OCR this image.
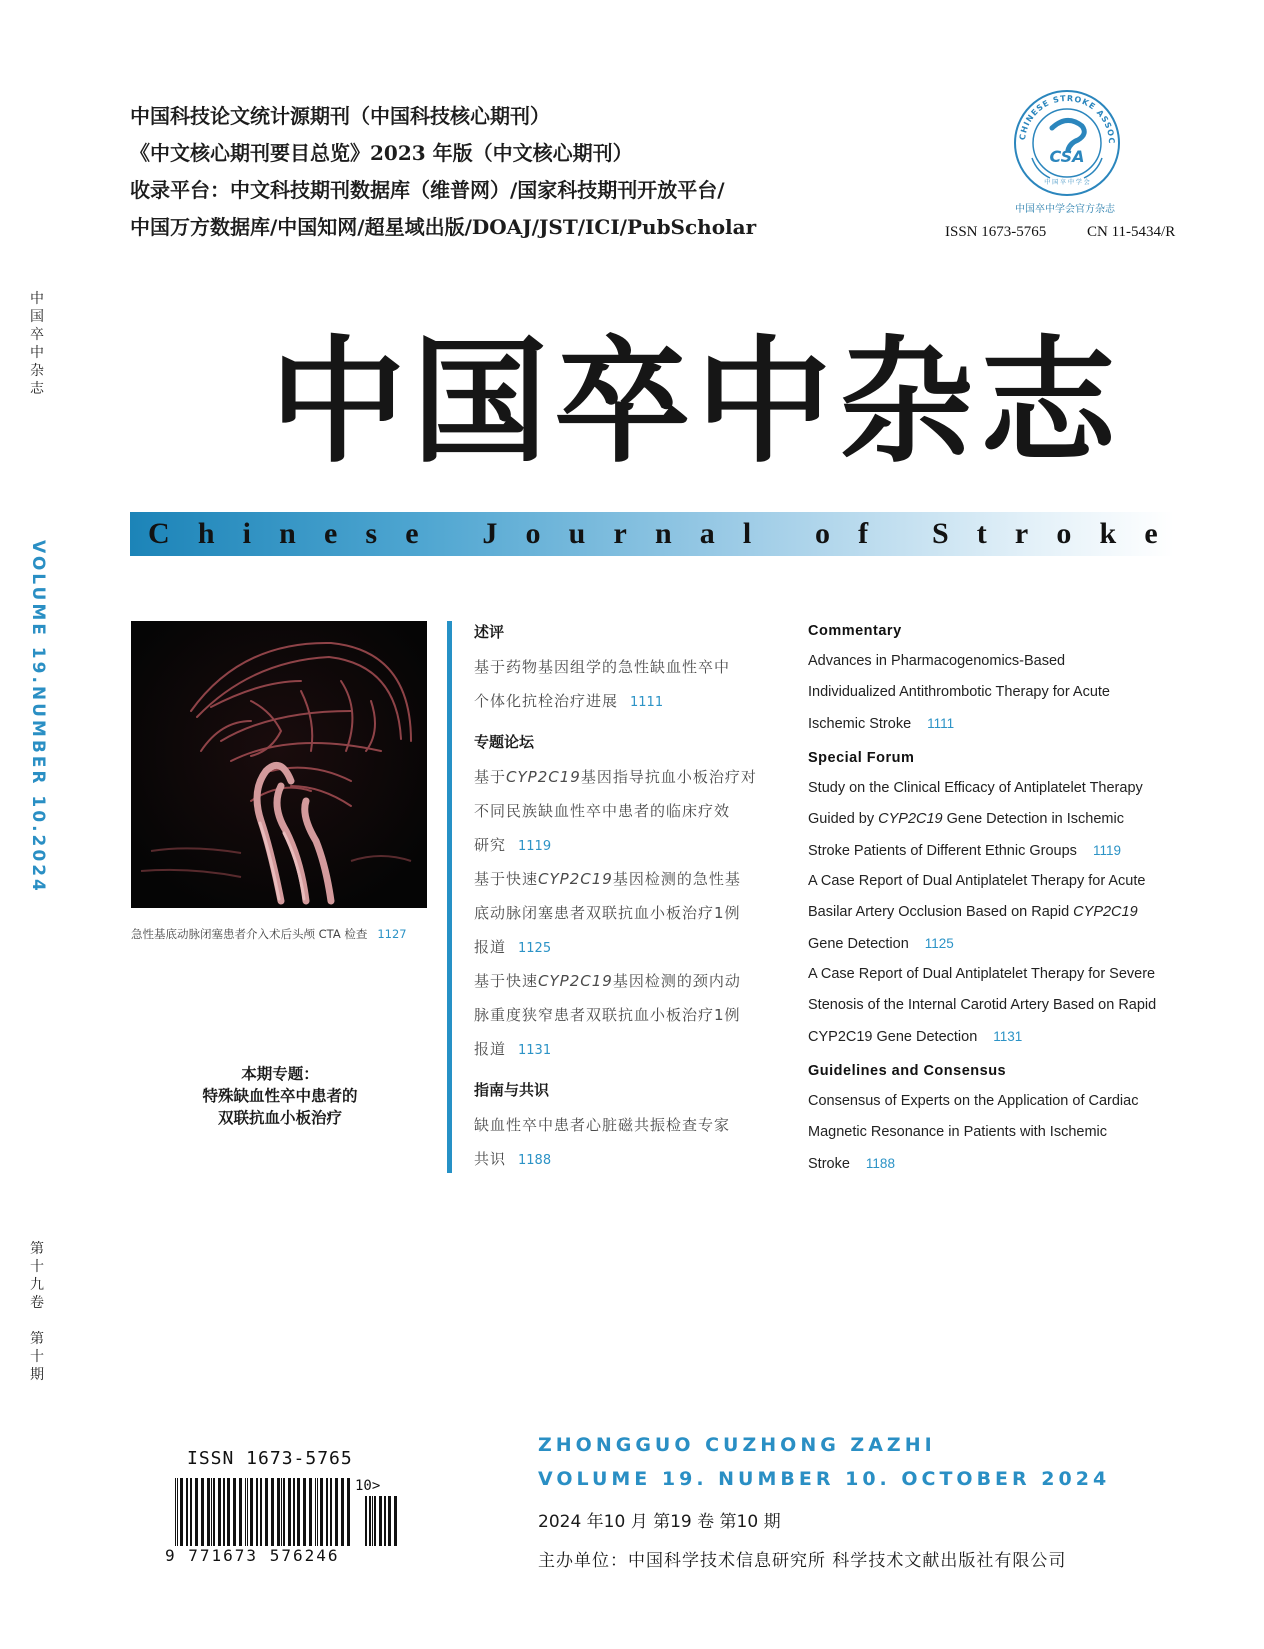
中国科技论文统计源期刊（中国科技核心期刊）
《中文核心期刊要目总览》2023 年版（中文核心期刊）
收录平台：中文科技期刊数据库（维普网）/国家科技期刊开放平台/
中国万方数据库/中国知网/超星域出版/DOAJ/JST/ICI/PubScholar
CHINESE STROKE ASSOC
CSA
中 国 卒 中 学 会
中国卒中学会官方杂志
ISSN 1673-5765	CN 11-5434/R
中
国
卒
中
杂
志
VOLUME 19.NUMBER 10.2024
第
十
九
卷
第
十
期
中国卒中杂志
C h i n e s e
J o u r n a l
o f
S t r o k e
急性基底动脉闭塞患者介入术后头颅 CTA 检查 1127
本期专题：
特殊缺血性卒中患者的
双联抗血小板治疗
述评
基于药物基因组学的急性缺血性卒中
个体化抗栓治疗进展 1111
专题论坛
基于CYP2C19基因指导抗血小板治疗对
不同民族缺血性卒中患者的临床疗效
研究 1119
基于快速CYP2C19基因检测的急性基
底动脉闭塞患者双联抗血小板治疗1例
报道 1125
基于快速CYP2C19基因检测的颈内动
脉重度狭窄患者双联抗血小板治疗1例
报道 1131
指南与共识
缺血性卒中患者心脏磁共振检查专家
共识 1188
Commentary
Advances in Pharmacogenomics-Based
Individualized Antithrombotic Therapy for Acute
Ischemic Stroke 1111
Special Forum
Study on the Clinical Efficacy of Antiplatelet Therapy
Guided by CYP2C19 Gene Detection in Ischemic
Stroke Patients of Different Ethnic Groups 1119
A Case Report of Dual Antiplatelet Therapy for Acute
Basilar Artery Occlusion Based on Rapid CYP2C19
Gene Detection 1125
A Case Report of Dual Antiplatelet Therapy for Severe
Stenosis of the Internal Carotid Artery Based on Rapid
CYP2C19 Gene Detection 1131
Guidelines and Consensus
Consensus of Experts on the Application of Cardiac
Magnetic Resonance in Patients with Ischemic
Stroke 1188
ISSN 1673-5765
10>
9 771673 576246
ZHONGGUO CUZHONG ZAZHI
VOLUME 19. NUMBER 10. OCTOBER 2024
2024 年10 月 第19 卷 第10 期
主办单位：中国科学技术信息研究所 科学技术文献出版社有限公司
